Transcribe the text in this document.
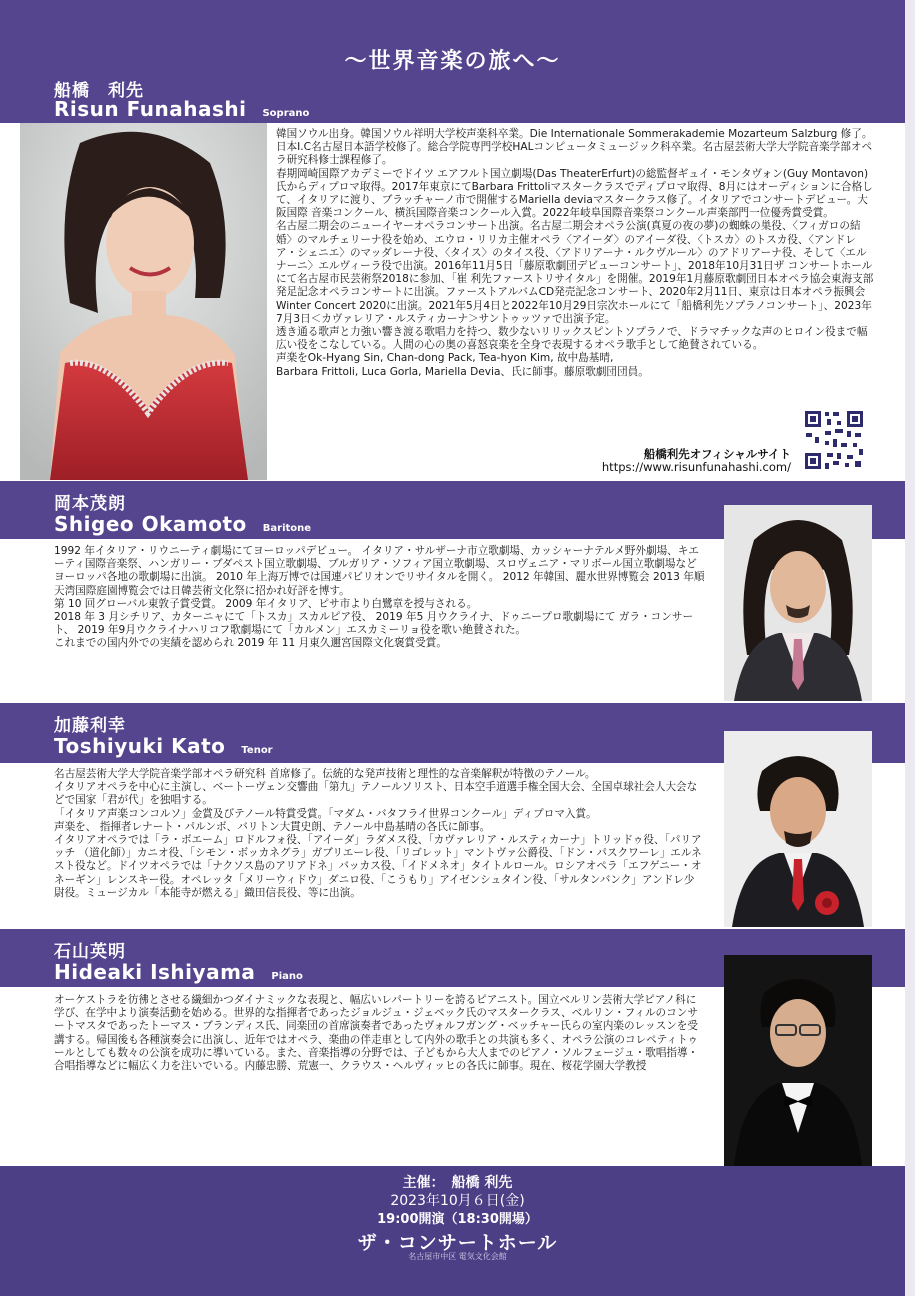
〜世界音楽の旅へ〜
船橋　利先
Risun Funahashi Soprano

韓国ソウル出身。韓国ソウル祥明大学校声楽科卒業。Die Internationale Sommerakademie Mozarteum Salzburg 修了。日本I.C名古屋日本語学校修了。総合学院専門学校HALコンピュータミュージック科卒業。名古屋芸術大学大学院音楽学部オペラ研究科修士課程修了。

春期岡崎国際アカデミーでドイツ エアフルト国立劇場(Das TheaterErfurt)の総監督ギュイ・モンタヴォン(Guy Montavon)氏からディプロマ取得。2017年東京にてBarbara Frittoliマスタークラスでディプロマ取得、8月にはオーディションに合格して、イタリアに渡り、ブラッチャーノ市で開催するMariella deviaマスタークラス修了。イタリアでコンサートデビュー。大阪国際 音楽コンクール、横浜国際音楽コンクール入賞。2022年岐阜国際音楽祭コンクール声楽部門一位優秀賞受賞。

名古屋二期会のニューイヤーオペラコンサート出演。名古屋二期会オペラ公演(真夏の夜の夢)の蜘蛛の巣役、〈フィガロの結婚〉のマルチェリーナ役を始め、エウロ・リリカ主催オペラ〈アイーダ〉のアイーダ役、〈トスカ〉のトスカ役、〈アンドレア・シェニエ〉のマッダレーナ役、〈タイス〉のタイス役、〈アドリアーナ・ルクヴルール〉のアドリアーナ役、そして〈エルナーニ〉エルヴィーラ役で出演。2016年11月5日「藤原歌劇団デビューコンサート」、2018年10月31日ザ コンサートホールにて名古屋市民芸術祭2018に参加、「崔 利先ファーストリサイタル」を開催。2019年1月藤原歌劇団日本オペラ協会東海支部発足記念オペラコンサートに出演。ファーストアルバムCD発売記念コンサート、2020年2月11日、東京は日本オペラ振興会Winter Concert 2020に出演。2021年5月4日と2022年10月29日宗次ホールにて「船橋利先ソプラノコンサート」、2023年7月3日＜カヴァレリア・ルスティカーナ＞サントゥッツァで出演予定。

透き通る歌声と力強い響き渡る歌唱力を持つ、数少ないリリックスピントソプラノで、ドラマチックな声のヒロイン役まで幅広い役をこなしている。人間の心の奥の喜怒哀楽を全身で表現するオペラ歌手として絶賛されている。

声楽をOk-Hyang Sin, Chan-dong Pack, Tea-hyon Kim, 故中島基晴,

Barbara Frittoli, Luca Gorla, Mariella Devia、氏に師事。藤原歌劇団団員。

船橋利先オフィシャルサイト
https://www.risunfunahashi.com/
岡本茂朗
Shigeo Okamoto Baritone

1992 年イタリア・リウニーティ劇場にてヨーロッパデビュー。 イタリア・サルザーナ市立歌劇場、カッシャーナテルメ野外劇場、キエーティ国際音楽祭、ハンガリー・ブダペスト国立歌劇場、ブルガリア・ソフィア国立歌劇場、スロヴェニア・マリボール国立歌劇場などヨーロッパ各地の歌劇場に出演。 2010 年上海万博では国連パビリオンでリサイタルを開く。 2012 年韓国、麗水世界博覧会 2013 年順天湾国際庭園博覧会では日韓芸術文化祭に招かれ好評を博す。

第 10 回グローバル東敦子賞受賞。 2009 年イタリア、ピサ市より白鷺章を授与される。

2018 年 3 月シチリア、カターニャにて「トスカ」スカルピア役、 2019 年5 月ウクライナ、ドゥニープロ歌劇場にて ガラ・コンサート、 2019 年9月ウクライナハリコフ歌劇場にて「カルメン」エスカミーリョ役を歌い絶賛された。

これまでの国内外での実績を認められ 2019 年 11 月東久邇宮国際文化褒賞受賞。

加藤利幸
Toshiyuki Kato Tenor

名古屋芸術大学大学院音楽学部オペラ研究科 首席修了。伝統的な発声技術と理性的な音楽解釈が特徴のテノール。

イタリアオペラを中心に主演し、ベートーヴェン交響曲「第九」テノールソリスト、日本空手道選手権全国大会、全国卓球社会人大会などで国家「君が代」を独唱する。

「イタリア声楽コンコルソ」金賞及びテノール特賞受賞。「マダム・バタフライ世界コンクール」ディプロマ入賞。

声楽を、 指揮者レナート・パルンボ、バリトン大貫史朗、テノール中島基晴の各氏に師事。

イタリアオペラでは「ラ・ボエーム」ロドルフォ役、「アイーダ」ラダメス役、「カヴァレリア・ルスティカーナ」トリッドゥ役、「パリアッチ （道化師）」カニオ役、「シモン・ボッカネグラ」ガブリエーレ役、「リゴレット」マントヴァ公爵役、「ドン・パスクワーレ」エルネスト役など。ドイツオペラでは「ナクソス島のアリアドネ」バッカス役、「イドメネオ」タイトルロール。ロシアオペラ「エフゲニー・オネーギン」レンスキー役。オペレッタ「メリーウィドウ」ダニロ役、「こうもり」アイゼンシュタイン役、「サルタンバンク」アンドレ少尉役。ミュージカル「本能寺が燃える」織田信長役、等に出演。

石山英明
Hideaki Ishiyama Piano

オーケストラを彷彿とさせる繊細かつダイナミックな表現と、幅広いレパートリーを誇るピアニスト。国立ベルリン芸術大学ピアノ科に学び、在学中より演奏活動を始める。世界的な指揮者であったジョルジュ・ジェベック氏のマスタークラス、ベルリン・フィルのコンサートマスタであったトーマス・ブランディス氏、同楽団の首席演奏者であったヴォルフガング・ベッチャー氏らの室内楽のレッスンを受講する。帰国後も各種演奏会に出演し、近年ではオペラ、楽曲の伴走車として内外の歌手との共演も多く、オペラ公演のコレペティトゥールとしても数々の公演を成功に導いている。また、音楽指導の分野では、子どもから大人までのピアノ・ソルフェージュ・歌唱指導・合唱指導などに幅広く力を注いでいる。内藤忠勝、荒憲一、クラウス・ヘルヴィッヒの各氏に師事。現在、桜花学園大学教授

主催：　船橋 利先
2023年10月６日(金)
19:00開演（18:30開場）
ザ・コンサートホール
名古屋市中区 電気文化会館
